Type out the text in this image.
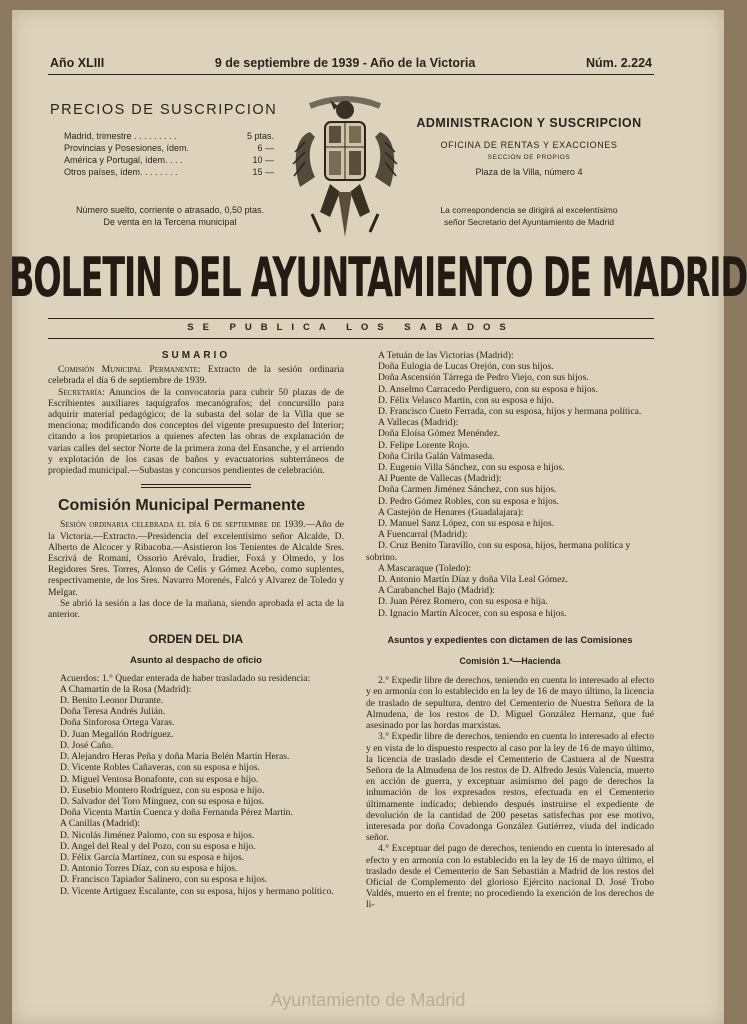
Año XLIII	9 de septiembre de 1939 - Año de la Victoria	Núm. 2.224
PRECIOS DE SUSCRIPCION
Madrid, trimestre . . . . . . . . .	5 ptas.
Provincias y Posesiones, ídem.	6 —
América y Portugal, ídem. . . .	10 —
Otros países, ídem. . . . . . . .	15 —
Número suelto, corriente o atrasado, 0,50 ptas.
De venta en la Tercena municipal
ADMINISTRACION Y SUSCRIPCION
OFICINA DE RENTAS Y EXACCIONES
SECCION DE PROPIOS
Plaza de la Villa, número 4
La correspondencia se dirigirá al excelentísimo
señor Secretario del Ayuntamiento de Madrid
BOLETIN DEL AYUNTAMIENTO DE MADRID
SE PUBLICA LOS SABADOS
SUMARIO

Comisión Municipal Permanente: Extracto de la sesión ordinaria celebrada el día 6 de septiembre de 1939.

Secretaría: Anuncios de la convocatoria para cubrir 50 plazas de de Escribientes auxiliares taquígrafos mecanógrafos; del concursillo para adquirir material pedagógico; de la subasta del solar de la Villa que se menciona; modificando dos conceptos del vigente presupuesto del Interior; citando a los propietarios a quienes afecten las obras de explanación de varias calles del sector Norte de la primera zona del Ensanche, y el arriendo y explotación de los casas de baños y evacuatorios subterráneos de propiedad municipal.—Subastas y concursos pendientes de celebración.

Comisión Municipal Permanente

Sesión ordinaria celebrada el día 6 de septiembre de 1939.—Año de la Victoria.—Extracto.—Presidencia del excelentísimo señor Alcalde, D. Alberto de Alcocer y Ribacoba.—Asistieron los Tenientes de Alcalde Sres. Escrivá de Romaní, Ossorio Arévalo, Iradier, Foxá y Olmedo, y los Regidores Sres. Torres, Alonso de Celis y Gómez Acebo, como suplentes, respectivamente, de los Sres. Navarro Morenés, Falcó y Alvarez de Toledo y Melgar.

Se abrió la sesión a las doce de la mañana, siendo aprobada el acta de la anterior.

ORDEN DEL DIA
Asunto al despacho de oficio

Acuerdos: 1.° Quedar enterada de haber trasladado su residencia:

A Chamartín de la Rosa (Madrid):

D. Benito Leonor Durante.

Doña Teresa Andrés Julián.

Doña Sinforosa Ortega Varas.

D. Juan Megallón Rodríguez.

D. José Caño.

D. Alejandro Heras Peña y doña María Belén Martín Heras.

D. Vicente Robles Cañaveras, con su esposa e hijos.

D. Miguel Ventosa Bonafonte, con su esposa e hijo.

D. Eusebio Montero Rodríguez, con su esposa e hijo.

D. Salvador del Toro Mínguez, con su esposa e hijos.

Doña Vicenta Martín Cuenca y doña Fernanda Pérez Martín.

A Canillas (Madrid):

D. Nicolás Jiménez Palomo, con su esposa e hijos.

D. Angel del Real y del Pozo, con su esposa e hijo.

D. Félix García Martínez, con su esposa e hijos.

D. Antonio Torres Díaz, con su esposa e hijos.

D. Francisco Tapiador Salinero, con su esposa e hijos.

D. Vicente Artiguez Escalante, con su esposa, hijos y hermano político.

A Tetuán de las Victorias (Madrid):

Doña Eulogia de Lucas Orejón, con sus hijos.

Doña Ascensión Tárrega de Pedro Viejo, con sus hijos.

D. Anselmo Carracedo Perdiguero, con su esposa e hijos.

D. Félix Velasco Martín, con su esposa e hijo.

D. Francisco Cueto Ferrada, con su esposa, hijos y hermana política.

A Vallecas (Madrid):

Doña Eloísa Gómez Menéndez.

D. Felipe Lorente Rojo.

Doña Cirila Galán Valmaseda.

D. Eugenio Villa Sánchez, con su esposa e hijos.

Al Puente de Vallecas (Madrid):

Doña Carmen Jiménez Sánchez, con sus hijos.

D. Pedro Gómez Robles, con su esposa e hijos.

A Castejón de Henares (Guadalajara):

D. Manuel Sanz López, con su esposa e hijos.

A Fuencarral (Madrid):

D. Cruz Benito Taravillo, con su esposa, hijos, hermana política y sobrino.

A Mascaraque (Toledo):

D. Antonio Martín Díaz y doña Vila Leal Gómez.

A Carabanchel Bajo (Madrid):

D. Juan Pérez Romero, con su esposa e hija.

D. Ignacio Martín Alcocer, con su esposa e hijos.

Asuntos y expedientes con dictamen de las Comisiones
Comisión 1.ª—Hacienda

2.° Expedir libre de derechos, teniendo en cuenta lo interesado al efecto y en armonía con lo establecido en la ley de 16 de mayo último, la licencia de traslado de sepultura, dentro del Cementerio de Nuestra Señora de la Almudena, de los restos de D. Miguel González Hernanz, que fué asesinado por las hordas marxistas.

3.° Expedir libre de derechos, teniendo en cuenta lo interesado al efecto y en vista de lo dispuesto respecto al caso por la ley de 16 de mayo último, la licencia de traslado desde el Cementerio de Castuera al de Nuestra Señora de la Almudena de los restos de D. Alfredo Jesús Valencia, muerto en acción de guerra, y exceptuar asimismo del pago de derechos la inhumación de los expresados restos, efectuada en el Cementerio últimamente indicado; debiendo después instruirse el expediente de devolución de la cantidad de 200 pesetas satisfechas por ese motivo, interesada por doña Covadonga González Gutiérrez, viuda del indicado señor.

4.° Exceptuar del pago de derechos, teniendo en cuenta lo interesado al efecto y en armonía con lo establecido en la ley de 16 de mayo último, el traslado desde el Cementerio de San Sebastián a Madrid de los restos del Oficial de Complemento del glorioso Ejército nacional D. José Trobo Valdés, muerto en el frente; no procediendo la exención de los derechos de li-

Ayuntamiento de Madrid
